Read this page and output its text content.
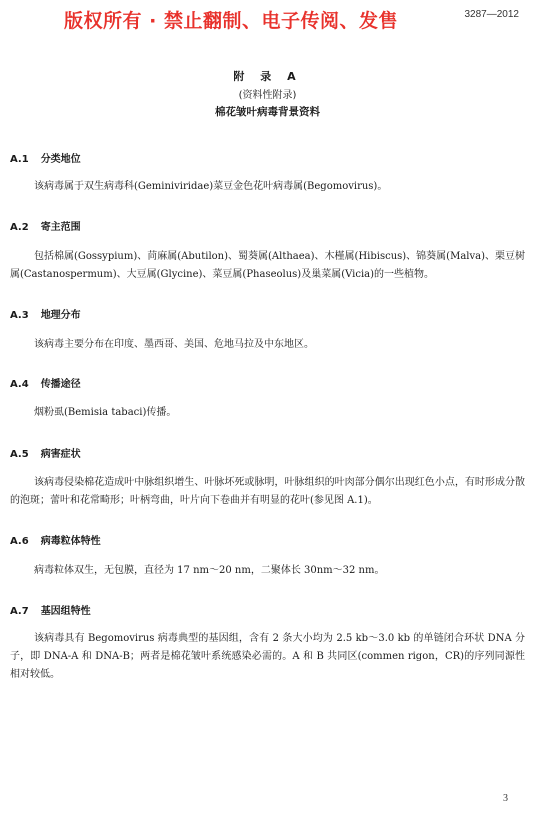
版权所有 · 禁止翻制、电子传阅、发售	3287—2012
附 录 A
(资料性附录)
棉花皱叶病毒背景资料
A.1 分类地位

该病毒属于双生病毒科(Geminiviridae)菜豆金色花叶病毒属(Begomovirus)。

A.2 寄主范围

包括棉属(Gossypium)、苘麻属(Abutilon)、蜀葵属(Althaea)、木槿属(Hibiscus)、锦葵属(Malva)、栗豆树属(Castanospermum)、大豆属(Glycine)、菜豆属(Phaseolus)及巢菜属(Vicia)的一些植物。

A.3 地理分布

该病毒主要分布在印度、墨西哥、美国、危地马拉及中东地区。

A.4 传播途径

烟粉虱(Bemisia tabaci)传播。

A.5 病害症状

该病毒侵染棉花造成叶中脉组织增生、叶脉坏死或脉明，叶脉组织的叶肉部分偶尔出现红色小点，有时形成分散的泡斑；蕾叶和花常畸形；叶柄弯曲，叶片向下卷曲并有明显的花叶(参见图 A.1)。

A.6 病毒粒体特性

病毒粒体双生，无包膜，直径为 17 nm～20 nm，二聚体长 30nm～32 nm。

A.7 基因组特性

该病毒具有 Begomovirus 病毒典型的基因组，含有 2 条大小均为 2.5 kb～3.0 kb 的单链闭合环状 DNA 分子，即 DNA-A 和 DNA-B；两者是棉花皱叶系统感染必需的。A 和 B 共同区(commen rigon，CR)的序列同源性相对较低。

3
